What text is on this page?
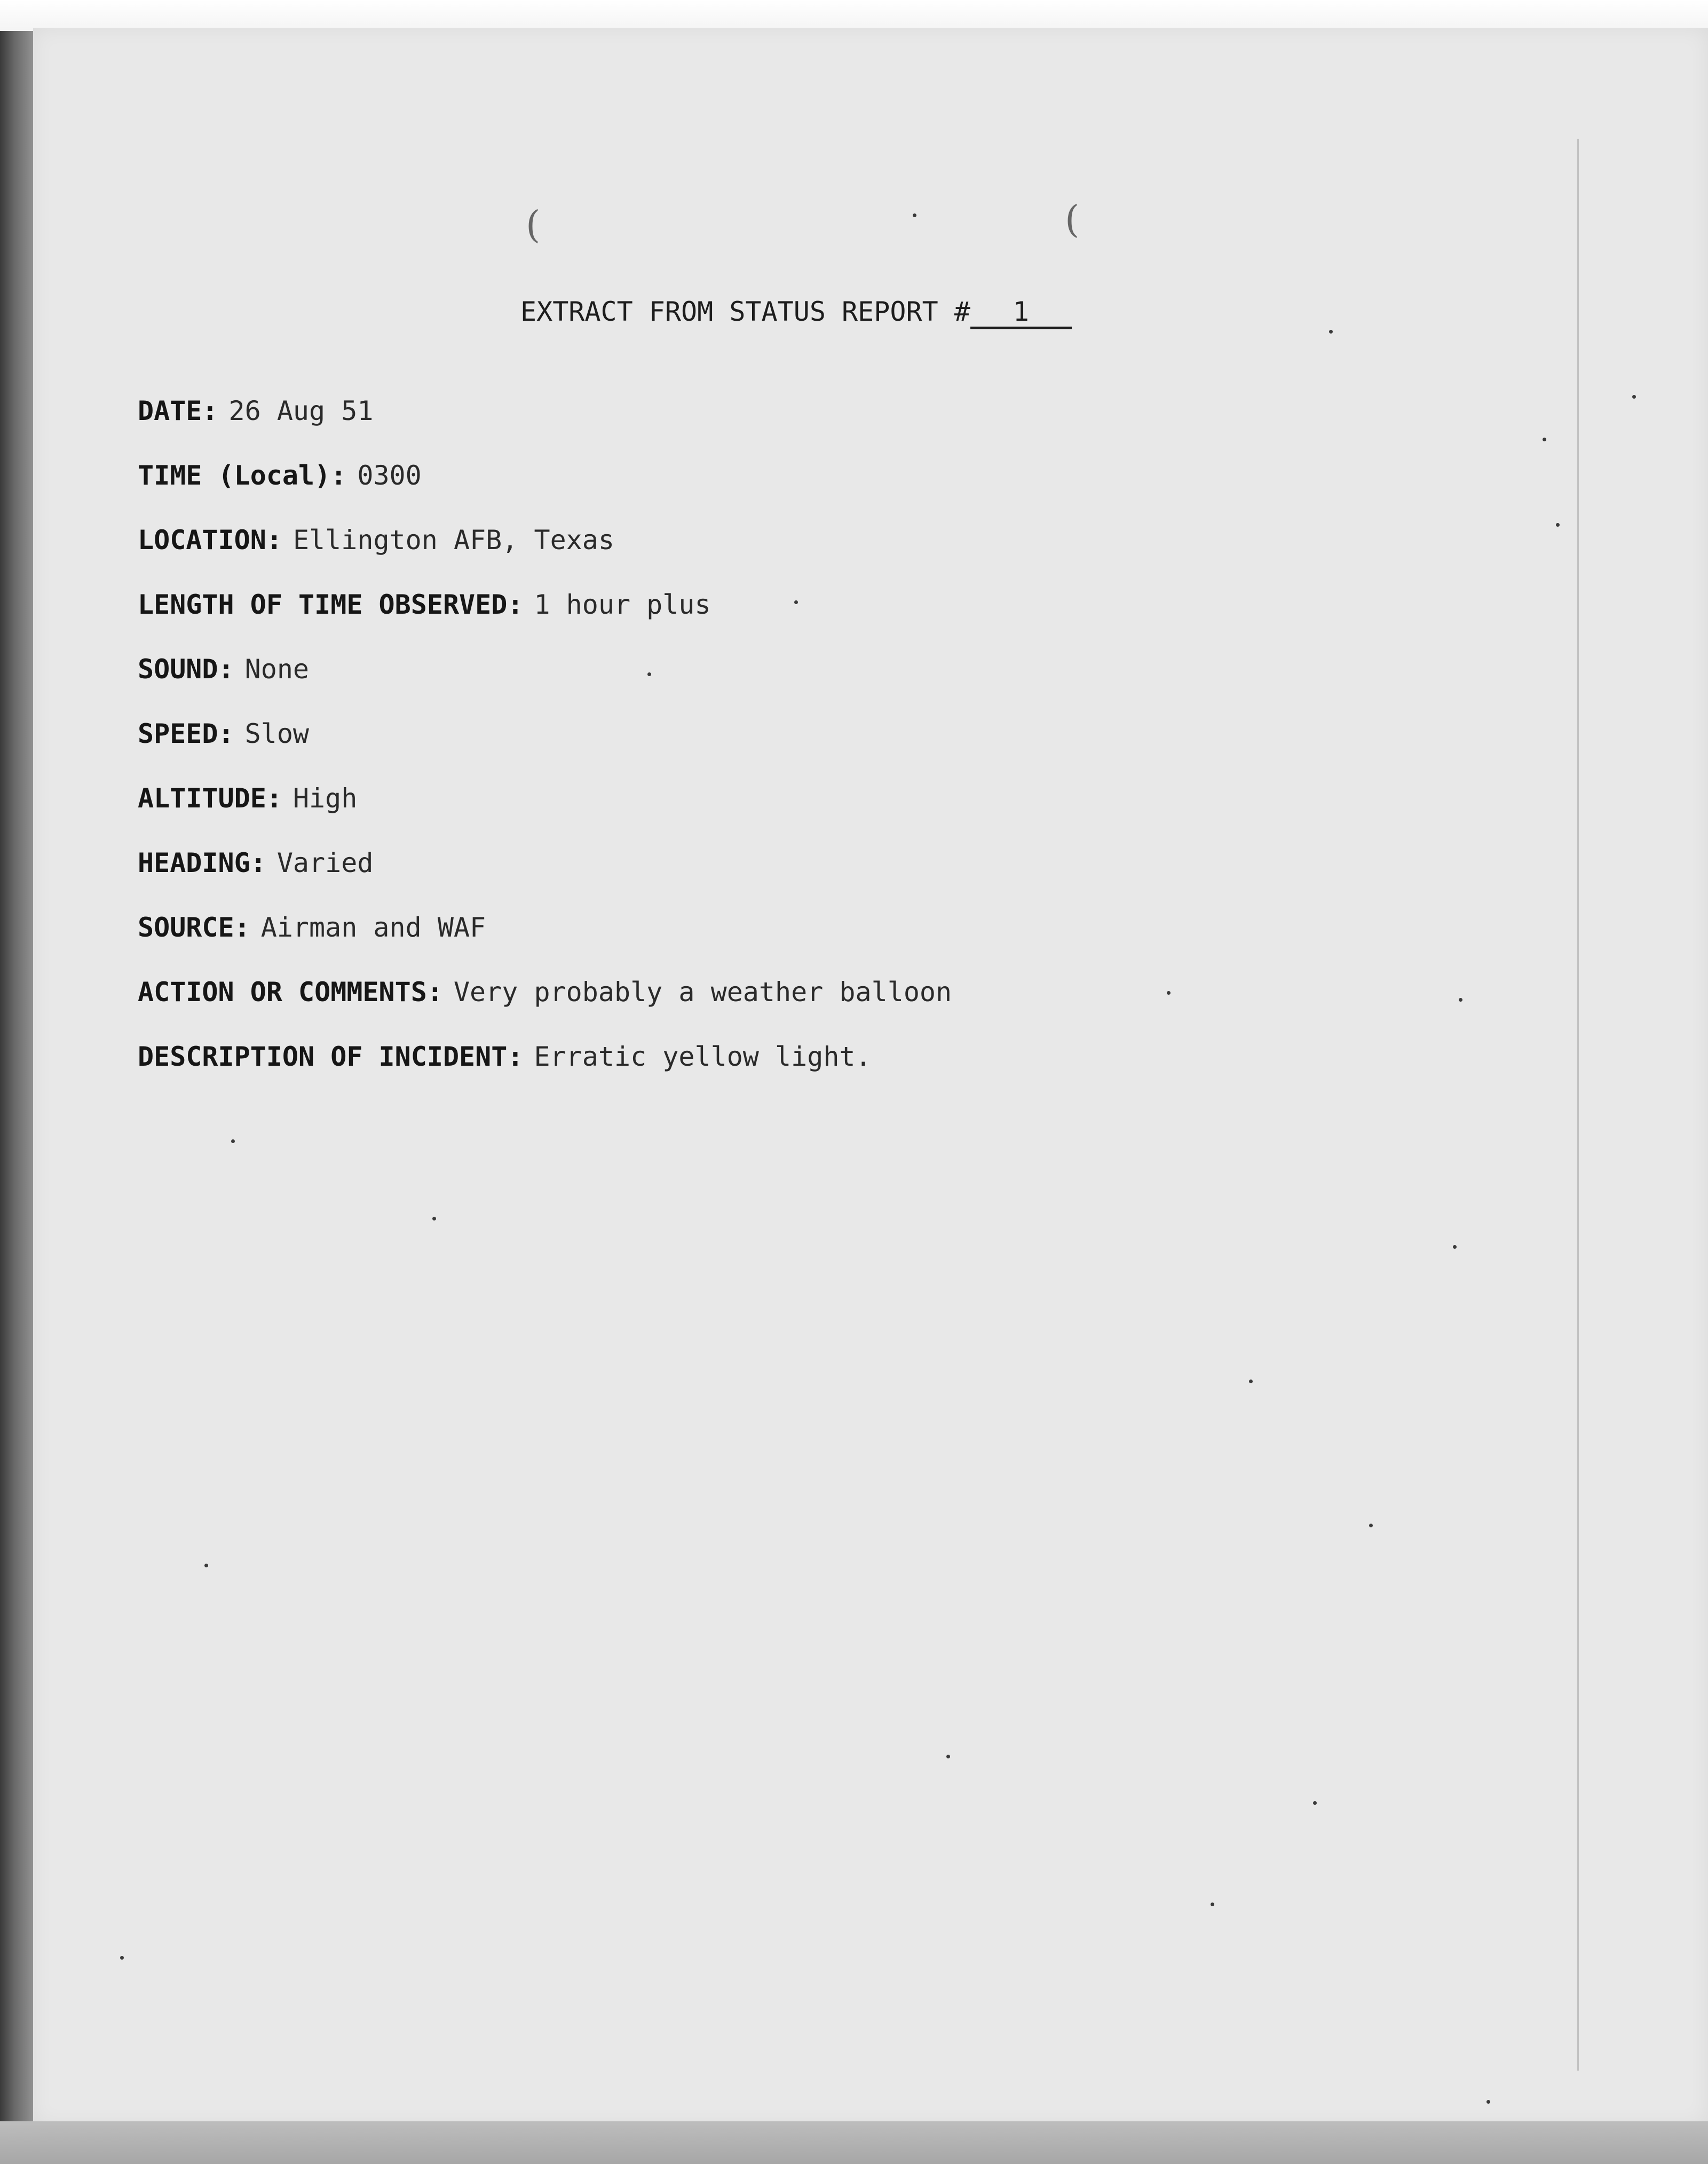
(	(
EXTRACT FROM STATUS REPORT # 1
DATE: 26 Aug 51
TIME (Local): 0300
LOCATION: Ellington AFB, Texas
LENGTH OF TIME OBSERVED: 1 hour plus
SOUND: None
SPEED: Slow
ALTITUDE: High
HEADING: Varied
SOURCE: Airman and WAF
ACTION OR COMMENTS: Very probably a weather balloon
DESCRIPTION OF INCIDENT: Erratic yellow light.
